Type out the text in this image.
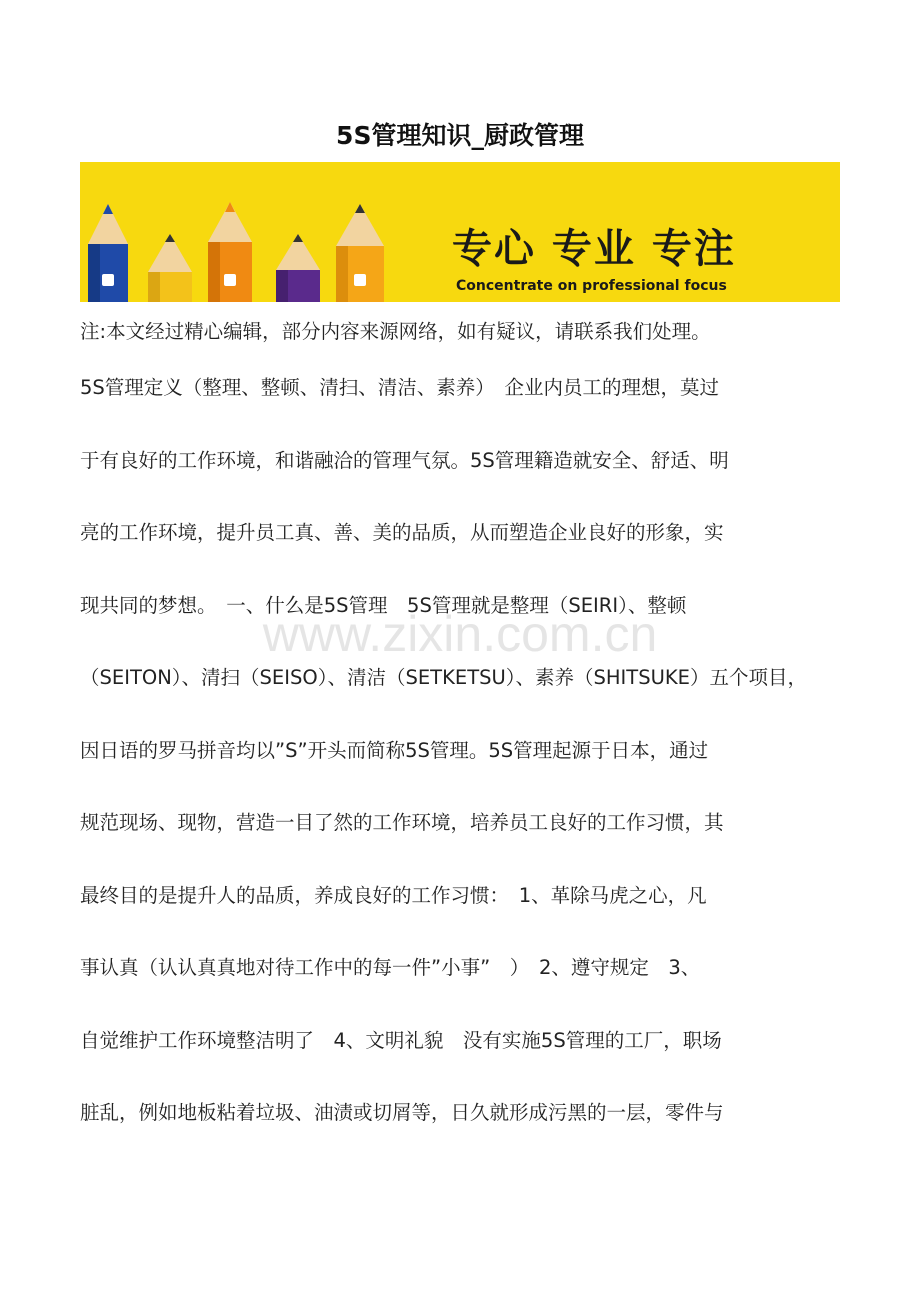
5S管理知识_厨政管理
专心 专业 专注
Concentrate on professional focus
注:本文经过精心编辑，部分内容来源网络，如有疑议，请联系我们处理。
5S管理定义（整理、整顿、清扫、清洁、素养）　企业内员工的理想，莫过
于有良好的工作环境，和谐融洽的管理气氛。5S管理籍造就安全、舒适、明
亮的工作环境，提升员工真、善、美的品质，从而塑造企业良好的形象，实
现共同的梦想。　一、什么是5S管理　5S管理就是整理（SEIRI）、整顿
（SEITON）、清扫（SEISO）、清洁（SETKETSU）、素养（SHITSUKE）五个项目，
因日语的罗马拼音均以”S”开头而简称5S管理。5S管理起源于日本，通过
规范现场、现物，营造一目了然的工作环境，培养员工良好的工作习惯，其
最终目的是提升人的品质，养成良好的工作习惯：　1、革除马虎之心，凡
事认真（认认真真地对待工作中的每一件”小事”　）　2、遵守规定　3、
自觉维护工作环境整洁明了　4、文明礼貌　没有实施5S管理的工厂，职场
脏乱，例如地板粘着垃圾、油渍或切屑等，日久就形成污黑的一层，零件与
www.zixin.com.cn
